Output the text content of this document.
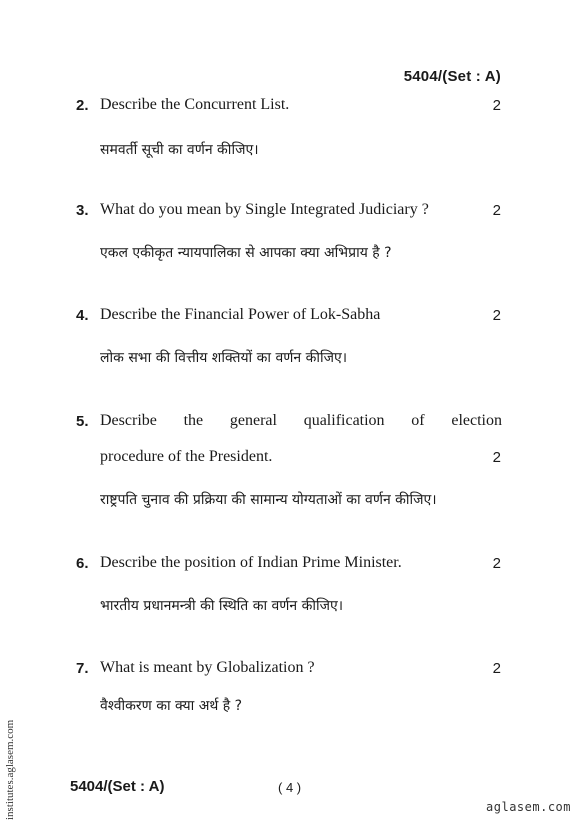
5404/(Set : A)
2. Describe the Concurrent List.	2
समवर्ती सूची का वर्णन कीजिए।
3. What do you mean by Single Integrated Judiciary ?	2
एकल एकीकृत न्यायपालिका से आपका क्या अभिप्राय है ?
4. Describe the Financial Power of Lok-Sabha	2
लोक सभा की वित्तीय शक्तियों का वर्णन कीजिए।
5. Describe the general qualification of election
procedure of the President.	2
राष्ट्रपति चुनाव की प्रक्रिया की सामान्य योग्यताओं का वर्णन कीजिए।
6. Describe the position of Indian Prime Minister.	2
भारतीय प्रधानमन्त्री की स्थिति का वर्णन कीजिए।
7. What is meant by Globalization ?	2
वैश्वीकरण का क्या अर्थ है ?
5404/(Set : A)	( 4 )
institutes.aglasem.com	aglasem.com
